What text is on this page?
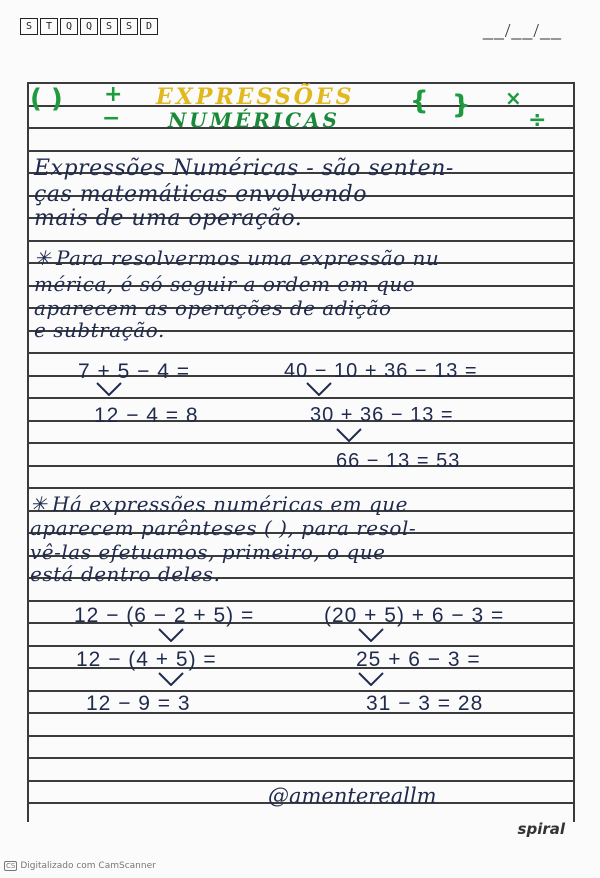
S	T	Q	Q	S	S	D	__/__/__
( ) +
−
EXPRESSÕES
NUMÉRICAS
{ } ×
÷
Expressões Numéricas - são senten-
ças matemáticas envolvendo
mais de uma operação.
✳ Para resolvermos uma expressão nu
mérica, é só seguir a ordem em que
aparecem as operações de adição
e subtração.
7 + 5 − 4 =
12 − 4 = 8
40 − 10 + 36 − 13 =
30 + 36 − 13 =
66 − 13 = 53
✳ Há expressões numéricas em que
aparecem parênteses ( ), para resol-
vê-las efetuamos, primeiro, o que
está dentro deles.
12 − (6 − 2 + 5) =
12 − (4 + 5) =
12 − 9 = 3
(20 + 5) + 6 − 3 =
25 + 6 − 3 =
31 − 3 = 28
@amentereallm
spiral
CS Digitalizado com CamScanner
